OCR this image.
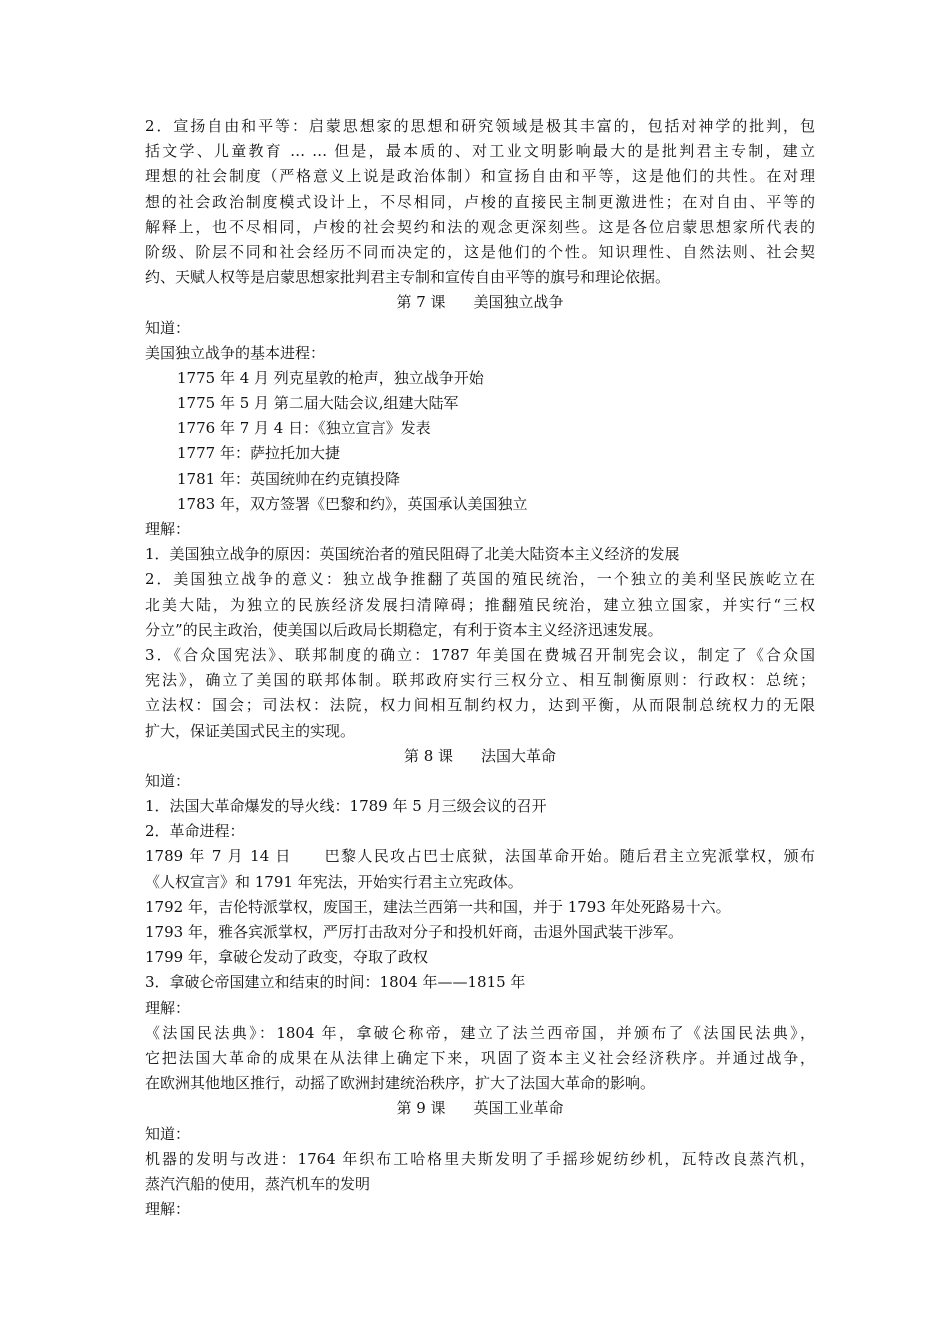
2．宣扬自由和平等：启蒙思想家的思想和研究领域是极其丰富的，包括对神学的批判，包
括文学、儿童教育 … … 但是，最本质的、对工业文明影响最大的是批判君主专制，建立
理想的社会制度（严格意义上说是政治体制）和宣扬自由和平等，这是他们的共性。在对理
想的社会政治制度模式设计上，不尽相同，卢梭的直接民主制更激进性；在对自由、平等的
解释上，也不尽相同，卢梭的社会契约和法的观念更深刻些。这是各位启蒙思想家所代表的
阶级、阶层不同和社会经历不同而决定的，这是他们的个性。知识理性、自然法则、社会契
约、天赋人权等是启蒙思想家批判君主专制和宣传自由平等的旗号和理论依据。
第 7 课 美国独立战争
知道：
美国独立战争的基本进程：
1775 年 4 月 列克星敦的枪声，独立战争开始
1775 年 5 月 第二届大陆会议,组建大陆军
1776 年 7 月 4 日：《独立宣言》发表
1777 年：萨拉托加大捷
1781 年：英国统帅在约克镇投降
1783 年，双方签署《巴黎和约》，英国承认美国独立
理解：
1．美国独立战争的原因：英国统治者的殖民阻碍了北美大陆资本主义经济的发展
2．美国独立战争的意义：独立战争推翻了英国的殖民统治，一个独立的美利坚民族屹立在
北美大陆，为独立的民族经济发展扫清障碍；推翻殖民统治，建立独立国家，并实行“三权
分立”的民主政治，使美国以后政局长期稳定，有利于资本主义经济迅速发展。
3．《合众国宪法》、联邦制度的确立：1787 年美国在费城召开制宪会议，制定了《合众国
宪法》，确立了美国的联邦体制。联邦政府实行三权分立、相互制衡原则：行政权：总统；
立法权：国会；司法权：法院，权力间相互制约权力，达到平衡，从而限制总统权力的无限
扩大，保证美国式民主的实现。
第 8 课 法国大革命
知道：
1．法国大革命爆发的导火线：1789 年 5 月三级会议的召开
2．革命进程：
1789 年 7 月 14 日　　巴黎人民攻占巴士底狱，法国革命开始。随后君主立宪派掌权，颁布
《人权宣言》和 1791 年宪法，开始实行君主立宪政体。
1792 年，吉伦特派掌权，废国王，建法兰西第一共和国，并于 1793 年处死路易十六。
1793 年，雅各宾派掌权，严厉打击敌对分子和投机奸商，击退外国武装干涉军。
1799 年，拿破仑发动了政变，夺取了政权
3．拿破仑帝国建立和结束的时间：1804 年——1815 年
理解：
《法国民法典》：1804 年，拿破仑称帝，建立了法兰西帝国，并颁布了《法国民法典》，
它把法国大革命的成果在从法律上确定下来，巩固了资本主义社会经济秩序。并通过战争，
在欧洲其他地区推行，动摇了欧洲封建统治秩序，扩大了法国大革命的影响。
第 9 课 英国工业革命
知道：
机器的发明与改进：1764 年织布工哈格里夫斯发明了手摇珍妮纺纱机，瓦特改良蒸汽机，
蒸汽汽船的使用，蒸汽机车的发明
理解：
